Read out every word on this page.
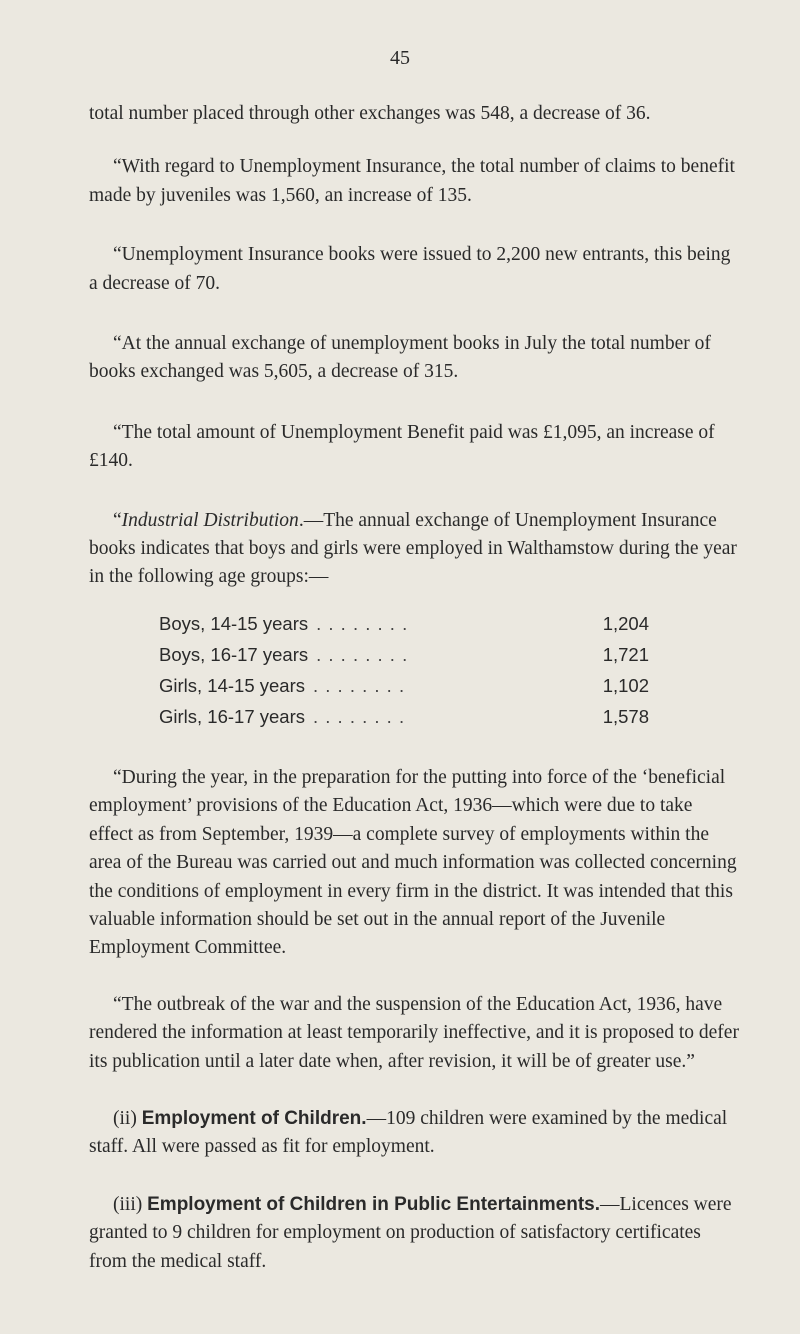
45

total number placed through other exchanges was 548, a decrease of 36.

“With regard to Unemployment Insurance, the total number of claims to benefit made by juveniles was 1,560, an increase of 135.

“Unemployment Insurance books were issued to 2,200 new entrants, this being a decrease of 70.

“At the annual exchange of unemployment books in July the total number of books exchanged was 5,605, a decrease of 315.

“The total amount of Unemployment Benefit paid was £1,095, an increase of £140.

“Industrial Distribution.—The annual exchange of Unemployment Insurance books indicates that boys and girls were employed in Walthamstow during the year in the following age groups:—

Boys, 14-15 years . . . . . . . .	1,204
Boys, 16-17 years . . . . . . . .	1,721
Girls, 14-15 years . . . . . . . .	1,102
Girls, 16-17 years . . . . . . . .	1,578

“During the year, in the preparation for the putting into force of the ‘beneficial employment’ provisions of the Education Act, 1936—which were due to take effect as from September, 1939—a complete survey of employments within the area of the Bureau was carried out and much information was collected concerning the conditions of employment in every firm in the district. It was intended that this valuable information should be set out in the annual report of the Juvenile Employment Committee.

“The outbreak of the war and the suspension of the Education Act, 1936, have rendered the information at least temporarily ineffective, and it is proposed to defer its publication until a later date when, after revision, it will be of greater use.”

(ii) Employment of Children.—109 children were examined by the medical staff. All were passed as fit for employment.

(iii) Employment of Children in Public Entertainments.—Licences were granted to 9 children for employment on production of satisfactory certificates from the medical staff.
